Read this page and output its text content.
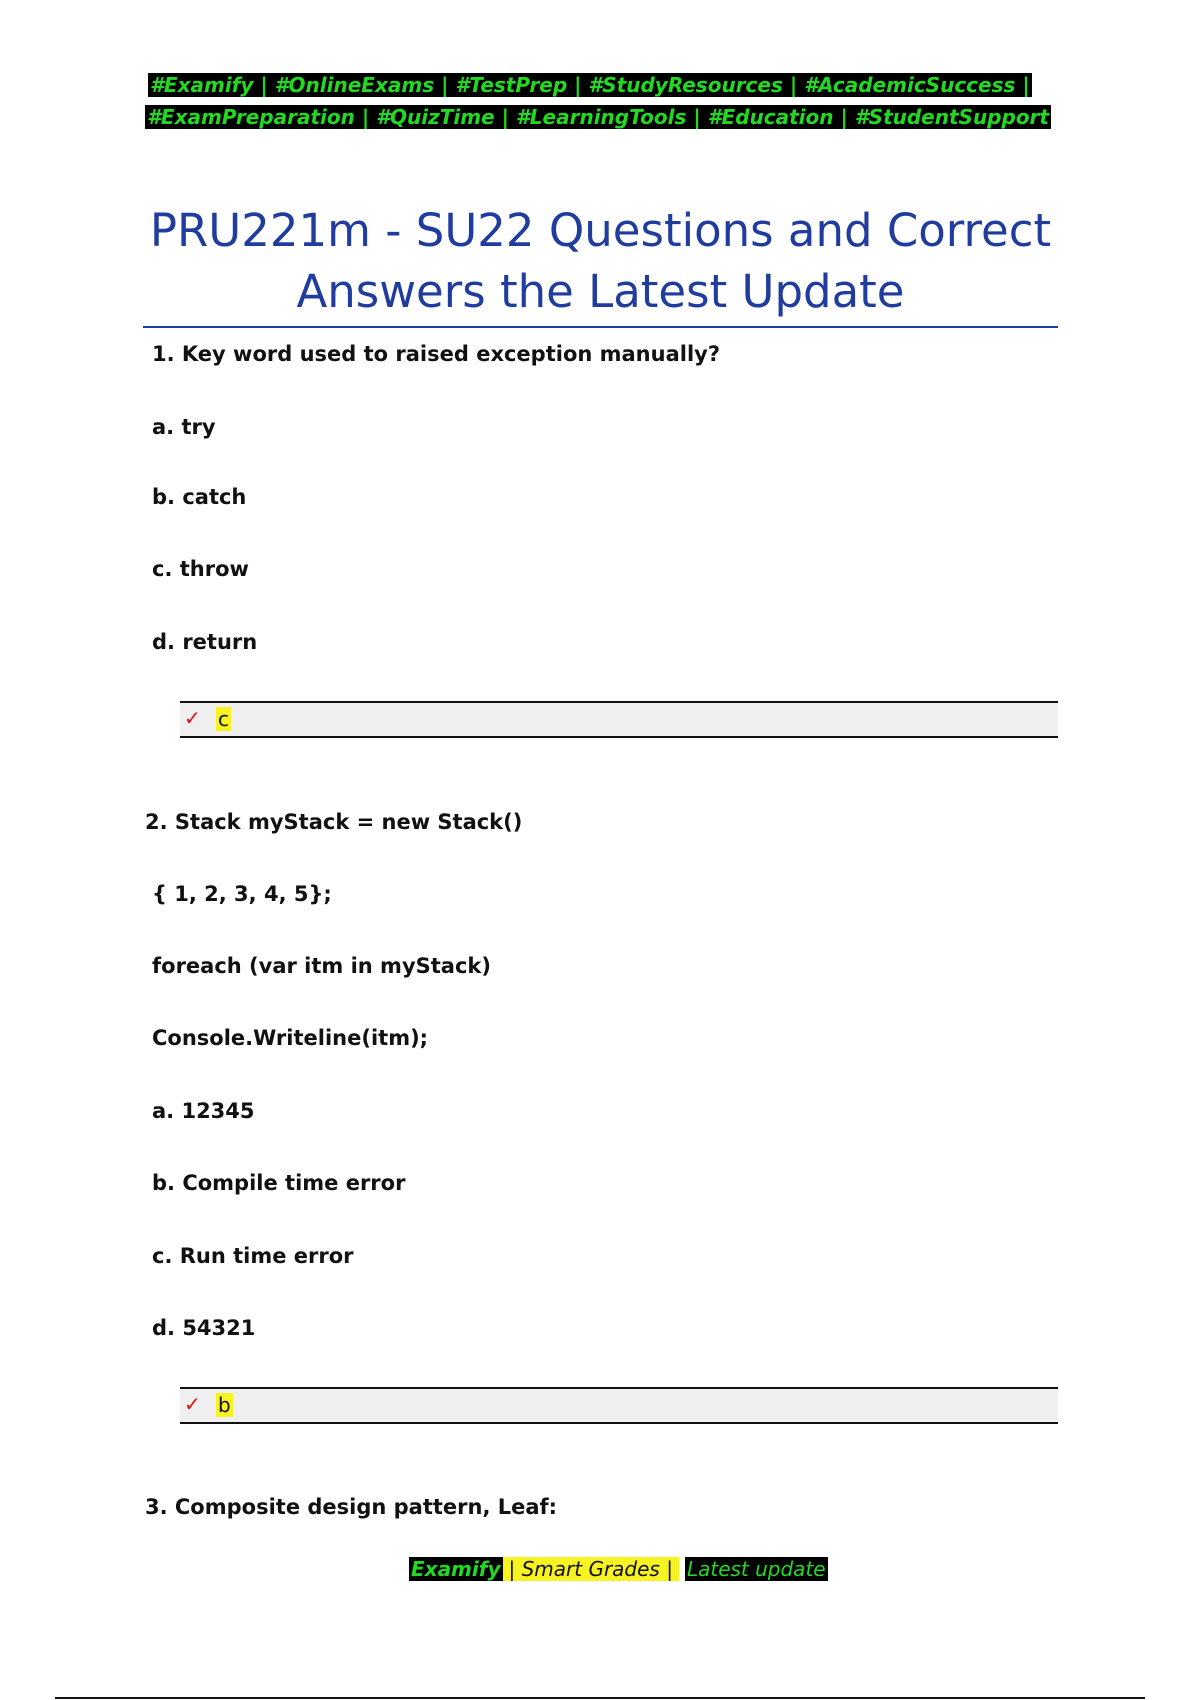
#Examify | #OnlineExams | #TestPrep | #StudyResources | #AcademicSuccess |
#ExamPreparation | #QuizTime | #LearningTools | #Education | #StudentSupport
PRU221m - SU22 Questions and Correct
Answers the Latest Update
1. Key word used to raised exception manually?
a. try
b. catch
c. throw
d. return
✓ c
2. Stack myStack = new Stack()
{ 1, 2, 3, 4, 5};
foreach (var itm in myStack)
Console.Writeline(itm);
a. 12345
b. Compile time error
c. Run time error
d. 54321
✓ b
3. Composite design pattern, Leaf:
Examify | Smart Grades | Latest update
